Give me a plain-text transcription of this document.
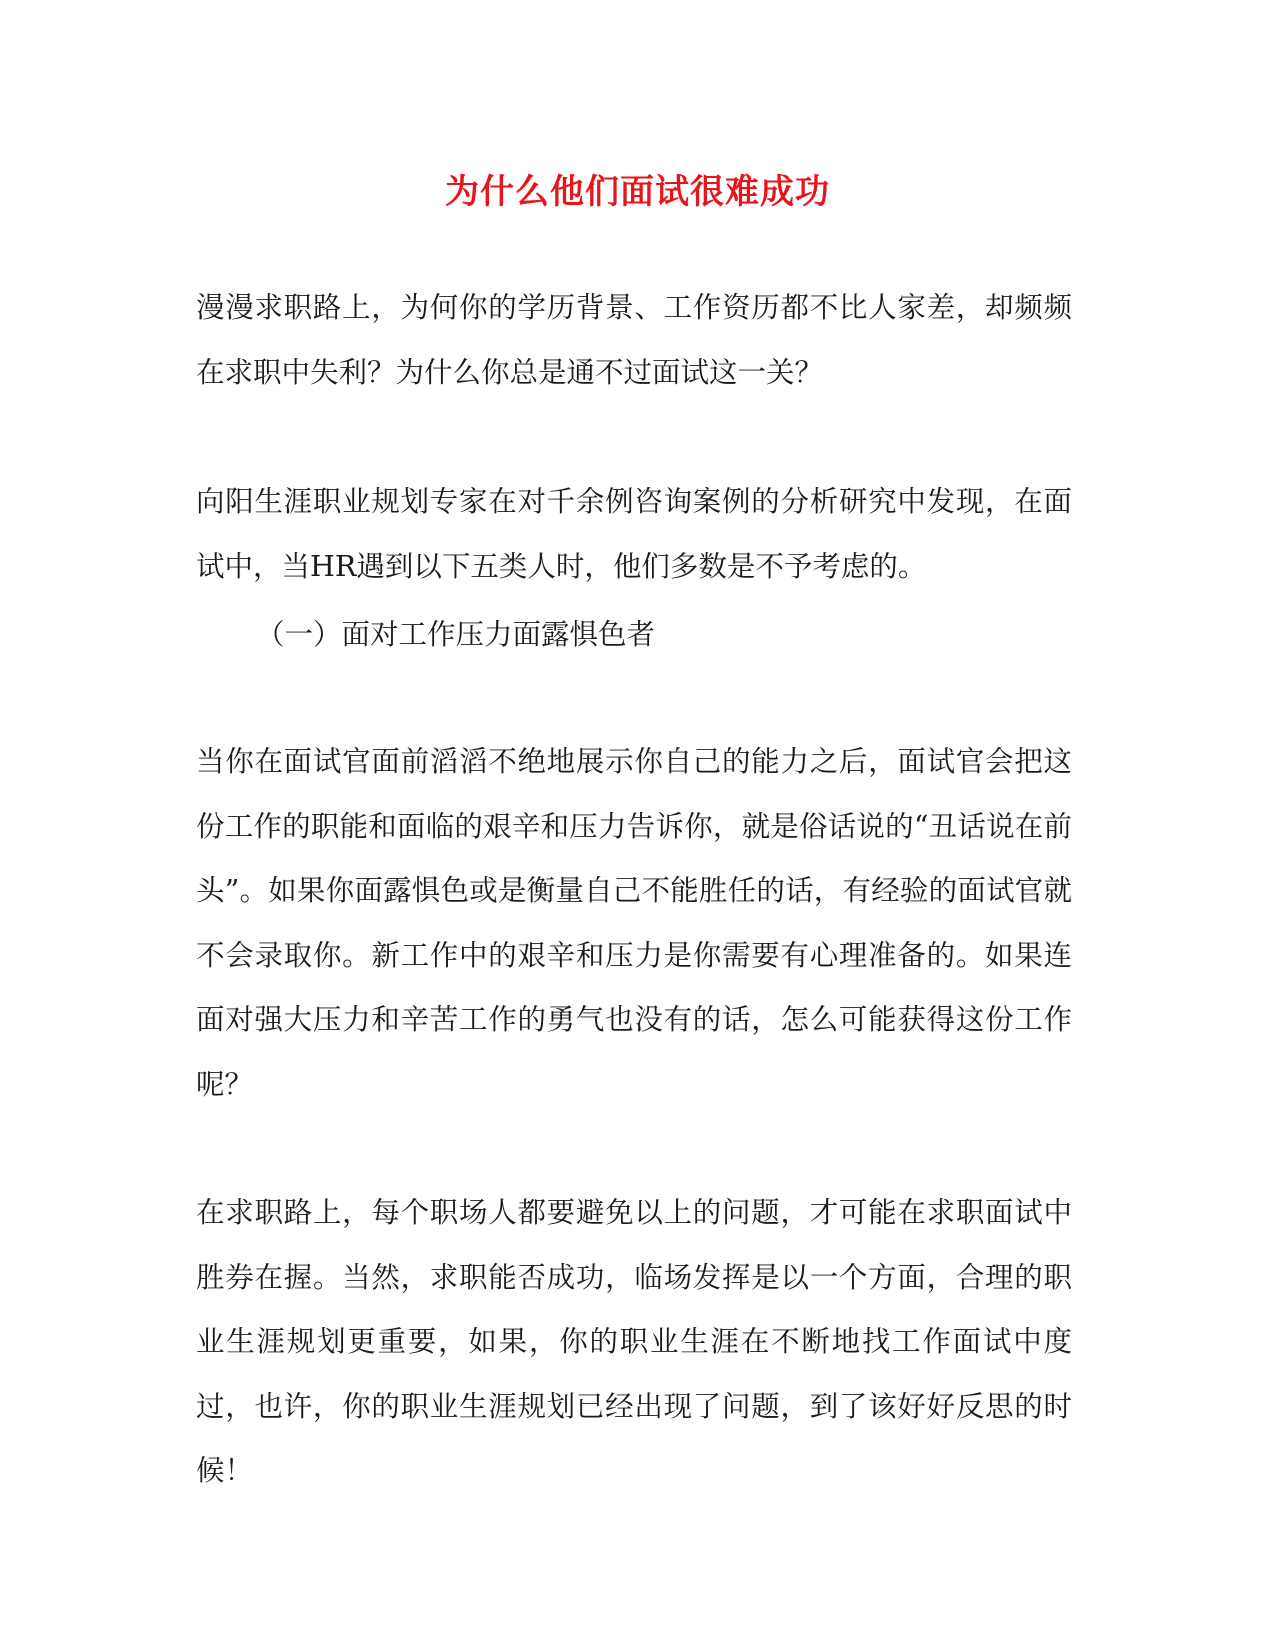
为什么他们面试很难成功

漫漫求职路上，为何你的学历背景、工作资历都不比人家差，却频频在求职中失利？为什么你总是通不过面试这一关？

向阳生涯职业规划专家在对千余例咨询案例的分析研究中发现，在面试中，当HR遇到以下五类人时，他们多数是不予考虑的。

（一）面对工作压力面露惧色者

当你在面试官面前滔滔不绝地展示你自己的能力之后，面试官会把这份工作的职能和面临的艰辛和压力告诉你，就是俗话说的“丑话说在前头”。如果你面露惧色或是衡量自己不能胜任的话，有经验的面试官就不会录取你。新工作中的艰辛和压力是你需要有心理准备的。如果连面对强大压力和辛苦工作的勇气也没有的话，怎么可能获得这份工作呢？

在求职路上，每个职场人都要避免以上的问题，才可能在求职面试中胜券在握。当然，求职能否成功，临场发挥是以一个方面，合理的职业生涯规划更重要，如果，你的职业生涯在不断地找工作面试中度过，也许，你的职业生涯规划已经出现了问题，到了该好好反思的时候！
